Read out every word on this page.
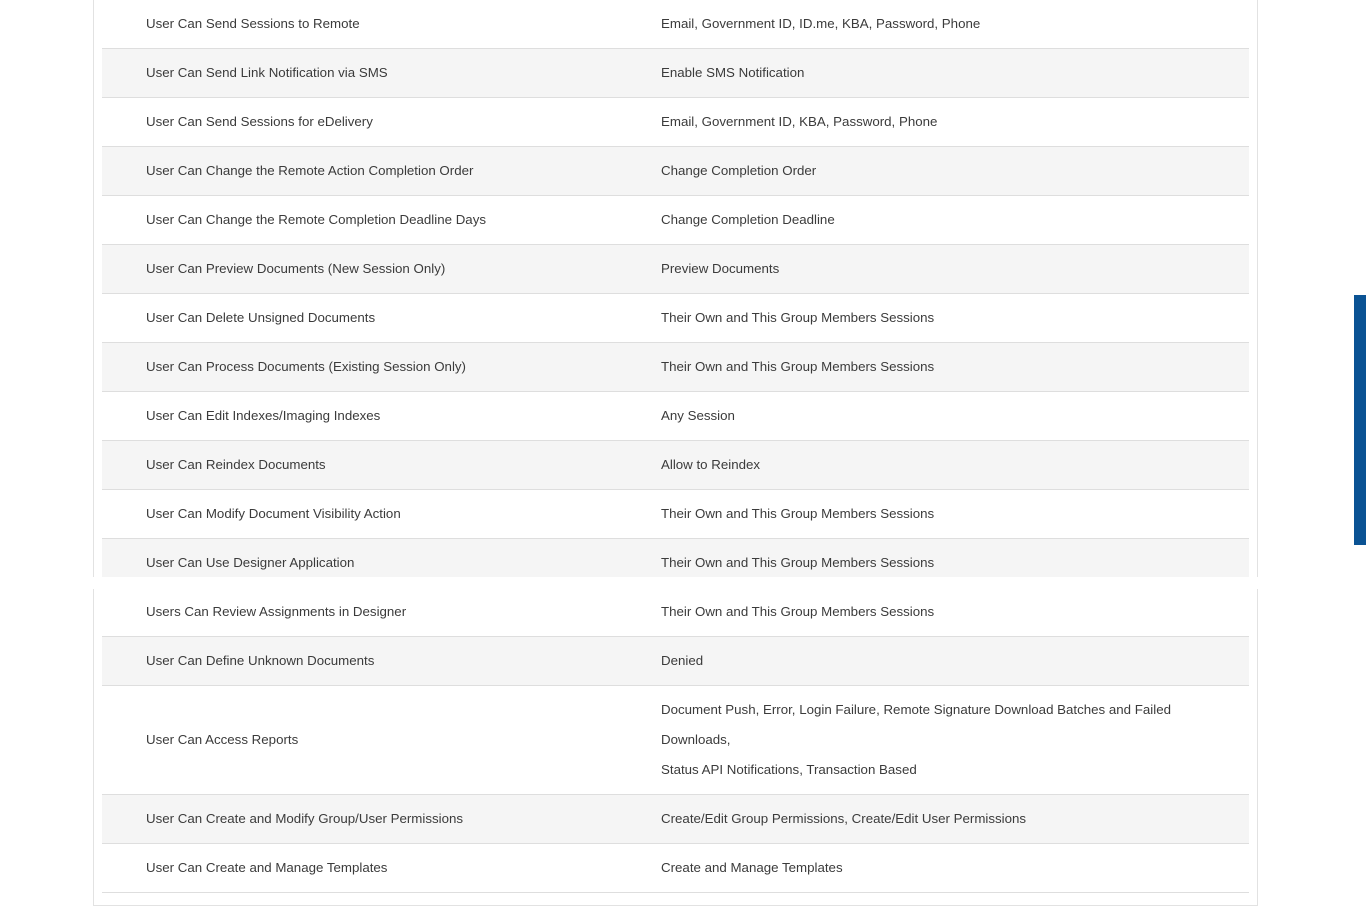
User Can Send Sessions to Remote	Email, Government ID, ID.me, KBA, Password, Phone
User Can Send Link Notification via SMS	Enable SMS Notification
User Can Send Sessions for eDelivery	Email, Government ID, KBA, Password, Phone
User Can Change the Remote Action Completion Order	Change Completion Order
User Can Change the Remote Completion Deadline Days	Change Completion Deadline
User Can Preview Documents (New Session Only)	Preview Documents
User Can Delete Unsigned Documents	Their Own and This Group Members Sessions
User Can Process Documents (Existing Session Only)	Their Own and This Group Members Sessions
User Can Edit Indexes/Imaging Indexes	Any Session
User Can Reindex Documents	Allow to Reindex
User Can Modify Document Visibility Action	Their Own and This Group Members Sessions
User Can Use Designer Application	Their Own and This Group Members Sessions
Users Can Review Assignments in Designer	Their Own and This Group Members Sessions
User Can Define Unknown Documents	Denied
User Can Access Reports	Document Push, Error, Login Failure, Remote Signature Download Batches and Failed Downloads,
Status API Notifications, Transaction Based

User Can Create and Modify Group/User Permissions	Create/Edit Group Permissions, Create/Edit User Permissions
User Can Create and Manage Templates	Create and Manage Templates
